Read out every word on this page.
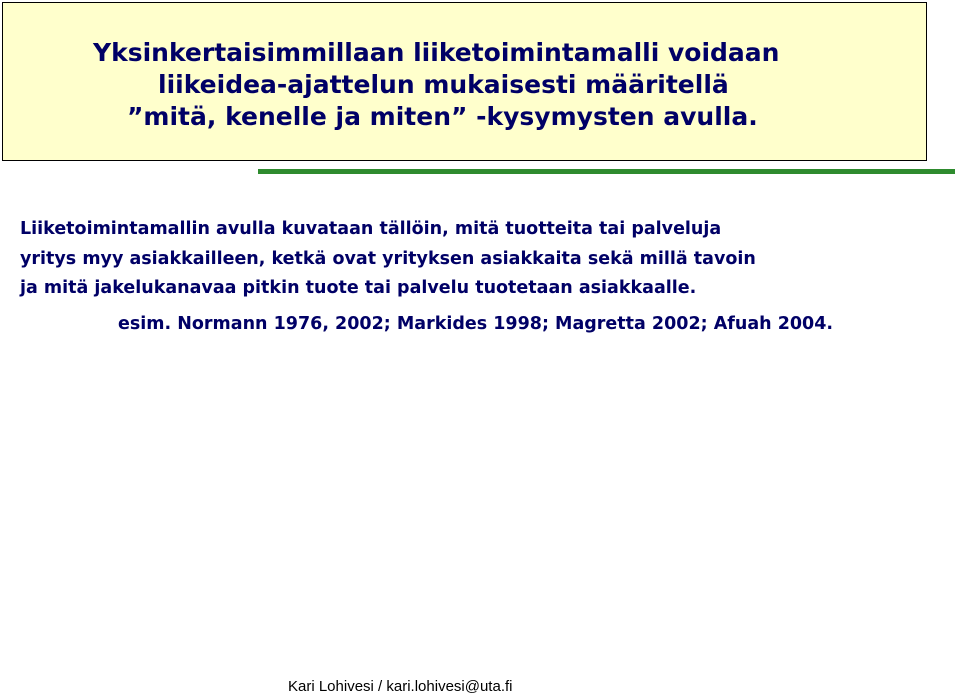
Yksinkertaisimmillaan liiketoimintamalli voidaan
liikeidea-ajattelun mukaisesti määritellä
”mitä, kenelle ja miten” -kysymysten avulla.

Liiketoimintamallin avulla kuvataan tällöin, mitä tuotteita tai palveluja

yritys myy asiakkailleen, ketkä ovat yrityksen asiakkaita sekä millä tavoin

ja mitä jakelukanavaa pitkin tuote tai palvelu tuotetaan asiakkaalle.

esim. Normann 1976, 2002; Markides 1998; Magretta 2002; Afuah 2004.
Kari Lohivesi / kari.lohivesi@uta.fi
